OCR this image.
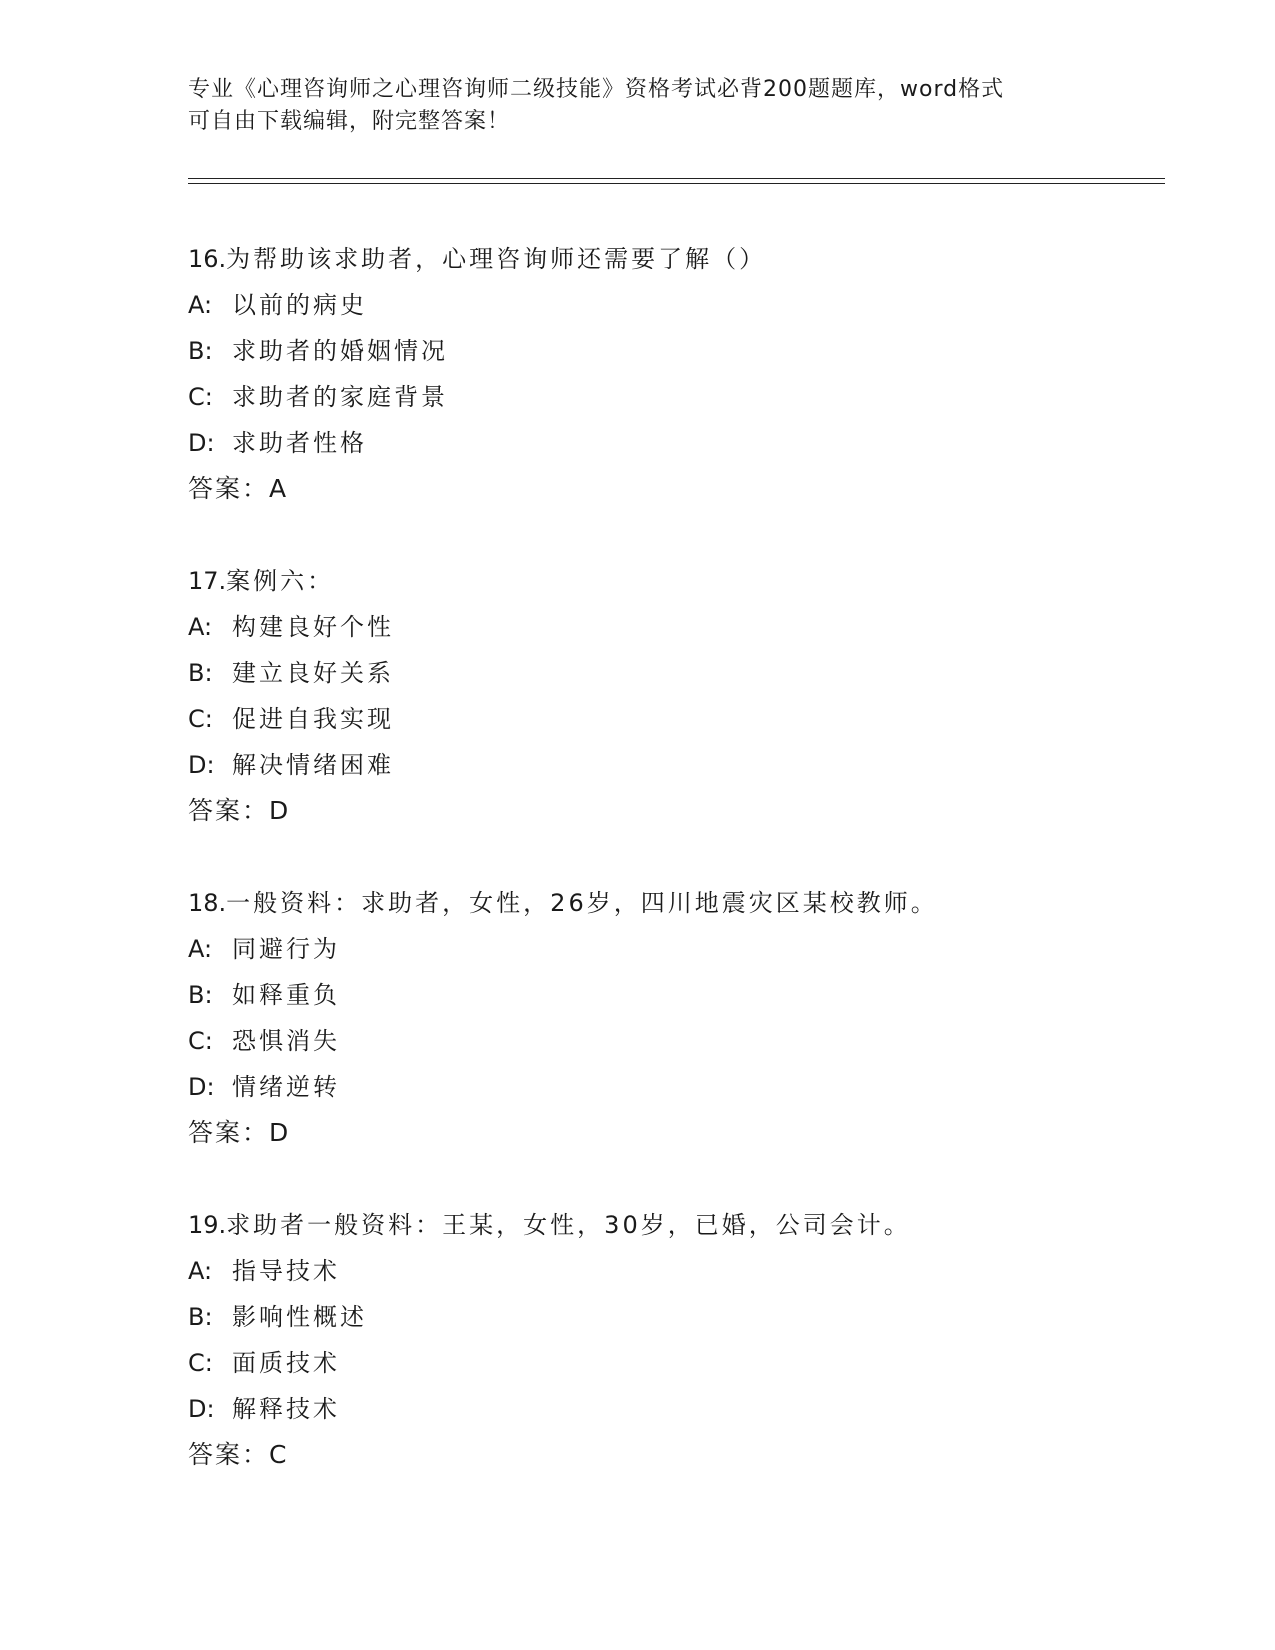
专业《心理咨询师之心理咨询师二级技能》资格考试必背200题题库，word格式
可自由下载编辑，附完整答案！
16.为帮助该求助者，心理咨询师还需要了解（）
A: 以前的病史
B: 求助者的婚姻情况
C: 求助者的家庭背景
D: 求助者性格
答案：A
17.案例六：
A: 构建良好个性
B: 建立良好关系
C: 促进自我实现
D: 解决情绪困难
答案：D
18.一般资料：求助者，女性，26岁，四川地震灾区某校教师。
A: 同避行为
B: 如释重负
C: 恐惧消失
D: 情绪逆转
答案：D
19.求助者一般资料：王某，女性，30岁，已婚，公司会计。
A: 指导技术
B: 影响性概述
C: 面质技术
D: 解释技术
答案：C
